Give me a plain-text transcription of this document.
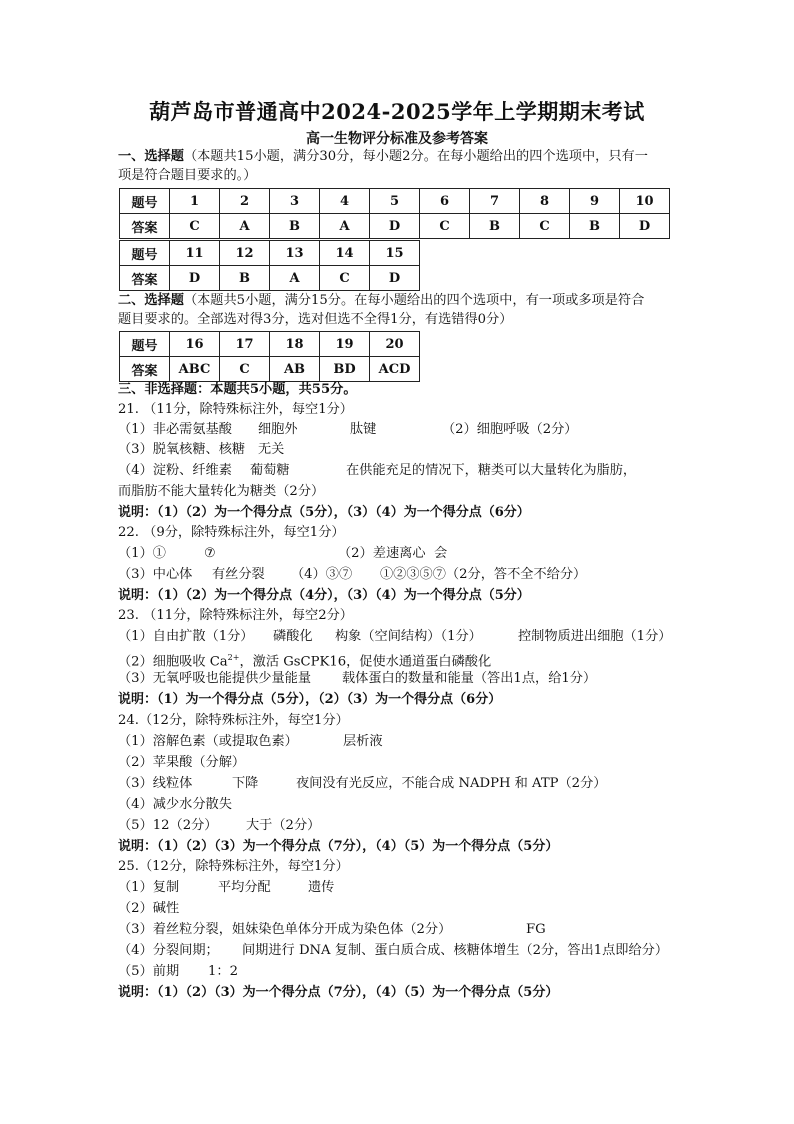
葫芦岛市普通高中2024-2025学年上学期期末考试
高一生物评分标准及参考答案
一、选择题（本题共15小题，满分30分，每小题2分。在每小题给出的四个选项中，只有一
项是符合题目要求的。）
题号	1	2	3	4	5	6	7	8	9	10
答案	C	A	B	A	D	C	B	C	B	D
题号	11	12	13	14	15
答案	D	B	A	C	D
二、选择题（本题共5小题，满分15分。在每小题给出的四个选项中，有一项或多项是符合
题目要求的。全部选对得3分，选对但选不全得1分，有选错得0分）
题号	16	17	18	19	20
答案	ABC	C	AB	BD	ACD
三、非选择题：本题共5小题，共55分。
21. （11分，除特殊标注外，每空1分）
（1）非必需氨基酸 细胞外	肽键	（2）细胞呼吸（2分）
（3）脱氧核糖、核糖 无关
（4）淀粉、纤维素 葡萄糖	在供能充足的情况下，糖类可以大量转化为脂肪，
而脂肪不能大量转化为糖类（2分）
说明：（1）（2）为一个得分点（5分），（3）（4）为一个得分点（6分）
22. （9分，除特殊标注外，每空1分）
（1）①	⑦	（2）差速离心 会
（3）中心体 有丝分裂 （4）③⑦ ①②③⑤⑦（2分，答不全不给分）
说明：（1）（2）为一个得分点（4分），（3）（4）为一个得分点（5分）
23. （11分，除特殊标注外，每空2分）
（1）自由扩散（1分） 磷酸化 构象（空间结构）（1分）	控制物质进出细胞（1分）
（2）细胞吸收 $Ca^{2+}$，激活 GsCPK16，促使水通道蛋白磷酸化
（3）无氧呼吸也能提供少量能量 载体蛋白的数量和能量（答出1点，给1分）
说明：（1）为一个得分点（5分），（2）（3）为一个得分点（6分）
24.（12分，除特殊标注外，每空1分）
（1）溶解色素（或提取色素）	层析液
（2）苹果酸（分解）
（3）线粒体	下降	夜间没有光反应，不能合成 NADPH 和 ATP（2分）
（4）减少水分散失
（5）12（2分） 大于（2分）
说明：（1）（2）（3）为一个得分点（7分），（4）（5）为一个得分点（5分）
25.（12分，除特殊标注外，每空1分）
（1）复制	平均分配	遗传
（2）碱性
（3）着丝粒分裂，姐妹染色单体分开成为染色体（2分）	FG
（4）分裂间期； 间期进行 DNA 复制、蛋白质合成、核糖体增生（2分，答出1点即给分）
（5）前期 1：2
说明：（1）（2）（3）为一个得分点（7分），（4）（5）为一个得分点（5分）
